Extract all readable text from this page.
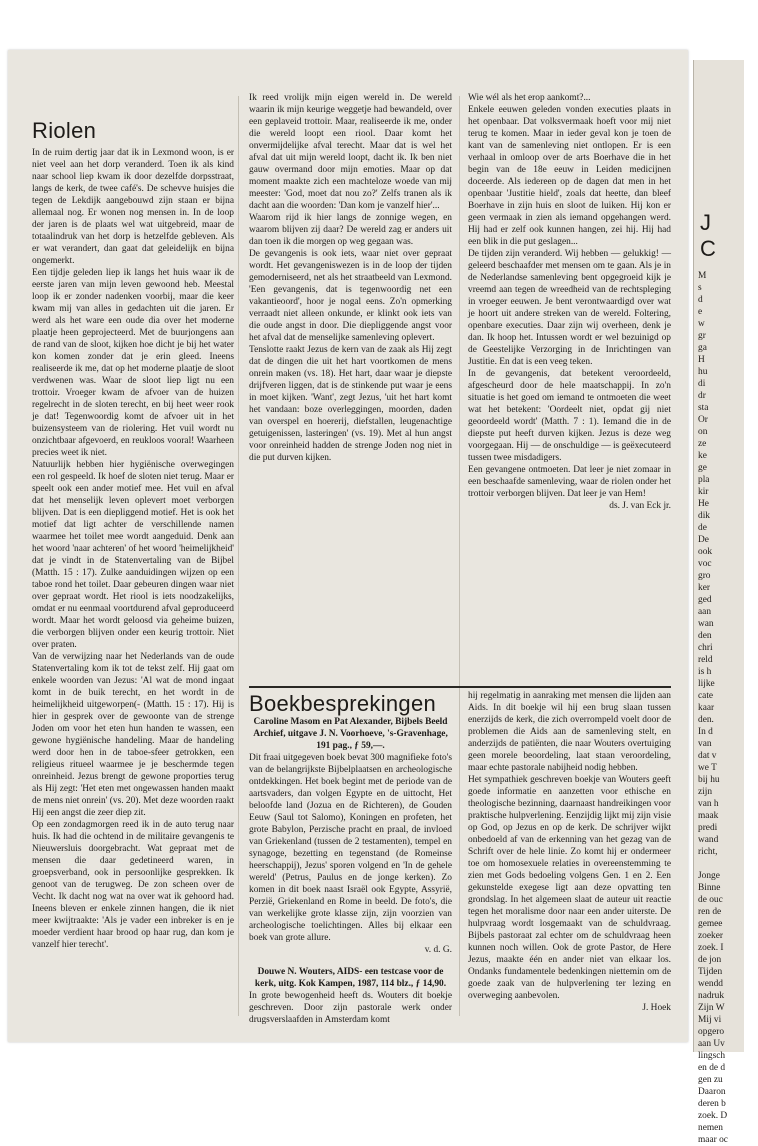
Riolen

In de ruim dertig jaar dat ik in Lexmond woon, is er niet veel aan het dorp veranderd. Toen ik als kind naar school liep kwam ik door dezelfde dorpsstraat, langs de kerk, de twee café's. De schevve huisjes die tegen de Lekdijk aangebouwd zijn staan er bijna allemaal nog. Er wonen nog mensen in. In de loop der jaren is de plaats wel wat uitgebreid, maar de totaalindruk van het dorp is hetzelfde gebleven. Als er wat verandert, dan gaat dat geleidelijk en bijna ongemerkt.

Een tijdje geleden liep ik langs het huis waar ik de eerste jaren van mijn leven gewoond heb. Meestal loop ik er zonder nadenken voorbij, maar die keer kwam mij van alles in gedachten uit die jaren. Er werd als het ware een oude dia over het moderne plaatje heen geprojecteerd. Met de buurjongens aan de rand van de sloot, kijken hoe dicht je bij het water kon komen zonder dat je erin gleed. Ineens realiseerde ik me, dat op het moderne plaatje de sloot verdwenen was. Waar de sloot liep ligt nu een trottoir. Vroeger kwam de afvoer van de huizen regelrecht in de sloten terecht, en bij heet weer rook je dat! Tegenwoordig komt de afvoer uit in het buizensysteem van de riolering. Het vuil wordt nu onzichtbaar afgevoerd, en reukloos vooral! Waarheen precies weet ik niet.

Natuurlijk hebben hier hygiënische overwegingen een rol gespeeld. Ik hoef de sloten niet terug. Maar er speelt ook een ander motief mee. Het vuil en afval dat het menselijk leven oplevert moet verborgen blijven. Dat is een diepliggend motief. Het is ook het motief dat ligt achter de verschillende namen waarmee het toilet mee wordt aangeduid. Denk aan het woord 'naar achteren' of het woord 'heimelijkheid' dat je vindt in de Statenvertaling van de Bijbel (Matth. 15 : 17). Zulke aanduidingen wijzen op een taboe rond het toilet. Daar gebeuren dingen waar niet over gepraat wordt. Het riool is iets noodzakelijks, omdat er nu eenmaal voortdurend afval geproduceerd wordt. Maar het wordt geloosd via geheime buizen, die verborgen blijven onder een keurig trottoir. Niet over praten.

Van de verwijzing naar het Nederlands van de oude Statenvertaling kom ik tot de tekst zelf. Hij gaat om enkele woorden van Jezus: 'Al wat de mond ingaat komt in de buik terecht, en het wordt in de heimelijkheid uitgeworpen(- (Matth. 15 : 17). Hij is hier in gesprek over de gewoonte van de strenge Joden om voor het eten hun handen te wassen, een gewone hygiënische handeling. Maar de handeling werd door hen in de taboe-sfeer getrokken, een religieus ritueel waarmee je je beschermde tegen onreinheid. Jezus brengt de gewone proporties terug als Hij zegt: 'Het eten met ongewassen handen maakt de mens niet onrein' (vs. 20). Met deze woorden raakt Hij een angst die zeer diep zit.

Op een zondagmorgen reed ik in de auto terug naar huis. Ik had die ochtend in de militaire gevangenis te Nieuwersluis doorgebracht. Wat gepraat met de mensen die daar gedetineerd waren, in groepsverband, ook in persoonlijke gesprekken. Ik genoot van de terugweg. De zon scheen over de Vecht. Ik dacht nog wat na over wat ik gehoord had. Ineens bleven er enkele zinnen hangen, die ik niet meer kwijtraakte: 'Als je vader een inbreker is en je moeder verdient haar brood op haar rug, dan kom je vanzelf hier terecht'.

Ik reed vrolijk mijn eigen wereld in. De wereld waarin ik mijn keurige weggetje had bewandeld, over een geplaveid trottoir. Maar, realiseerde ik me, onder die wereld loopt een riool. Daar komt het onvermijdelijke afval terecht. Maar dat is wel het afval dat uit mijn wereld loopt, dacht ik. Ik ben niet gauw overmand door mijn emoties. Maar op dat moment maakte zich een machteloze woede van mij meester: 'God, moet dat nou zo?' Zelfs tranen als ik dacht aan die woorden: 'Dan kom je vanzelf hier'...

Waarom rijd ik hier langs de zonnige wegen, en waarom blijven zij daar? De wereld zag er anders uit dan toen ik die morgen op weg gegaan was.

De gevangenis is ook iets, waar niet over gepraat wordt. Het gevangeniswezen is in de loop der tijden gemoderniseerd, net als het straatbeeld van Lexmond. 'Een gevangenis, dat is tegenwoordig net een vakantieoord', hoor je nogal eens. Zo'n opmerking verraadt niet alleen onkunde, er klinkt ook iets van die oude angst in door. Die diepliggende angst voor het afval dat de menselijke samenleving oplevert.

Tenslotte raakt Jezus de kern van de zaak als Hij zegt dat de dingen die uit het hart voortkomen de mens onrein maken (vs. 18). Het hart, daar waar je diepste drijfveren liggen, dat is de stinkende put waar je eens in moet kijken. 'Want', zegt Jezus, 'uit het hart komt het vandaan: boze overleggingen, moorden, daden van overspel en hoererij, diefstallen, leugenachtige getuigenissen, lasteringen' (vs. 19). Met al hun angst voor onreinheid hadden de strenge Joden nog niet in die put durven kijken.

Wie wél als het erop aankomt?...

Enkele eeuwen geleden vonden executies plaats in het openbaar. Dat volksvermaak hoeft voor mij niet terug te komen. Maar in ieder geval kon je toen de kant van de samenleving niet ontlopen. Er is een verhaal in omloop over de arts Boerhave die in het begin van de 18e eeuw in Leiden medicijnen doceerde. Als iedereen op de dagen dat men in het openbaar 'Justitie hield', zoals dat heette, dan bleef Boerhave in zijn huis en sloot de luiken. Hij kon er geen vermaak in zien als iemand opgehangen werd. Hij had er zelf ook kunnen hangen, zei hij. Hij had een blik in die put geslagen...

De tijden zijn veranderd. Wij hebben — gelukkig! — geleerd beschaafder met mensen om te gaan. Als je in de Nederlandse samenleving bent opgegroeid kijk je vreemd aan tegen de wreedheid van de rechtspleging in vroeger eeuwen. Je bent verontwaardigd over wat je hoort uit andere streken van de wereld. Foltering, openbare executies. Daar zijn wij overheen, denk je dan. Ik hoop het. Intussen wordt er wel bezuinigd op de Geestelijke Verzorging in de Inrichtingen van Justitie. En dat is een veeg teken.

In de gevangenis, dat betekent veroordeeld, afgescheurd door de hele maatschappij. In zo'n situatie is het goed om iemand te ontmoeten die weet wat het betekent: 'Oordeelt niet, opdat gij niet geoordeeld wordt' (Matth. 7 : 1). Iemand die in de diepste put heeft durven kijken. Jezus is deze weg voorgegaan. Hij — de onschuldige — is geëxecuteerd tussen twee misdadigers.

Een gevangene ontmoeten. Dat leer je niet zomaar in een beschaafde samenleving, waar de riolen onder het trottoir verborgen blijven. Dat leer je van Hem!

ds. J. van Eck jr.

Boekbesprekingen

Caroline Masom en Pat Alexander, Bijbels Beeld Archief, uitgave J. N. Voorhoeve, 's-Gravenhage, 191 pag., ƒ 59,—.

Dit fraai uitgegeven boek bevat 300 magnifieke foto's van de belangrijkste Bijbelplaatsen en archeologische ontdekkingen. Het boek begint met de periode van de aartsvaders, dan volgen Egypte en de uittocht, Het beloofde land (Jozua en de Richteren), de Gouden Eeuw (Saul tot Salomo), Koningen en profeten, het grote Babylon, Perzische pracht en praal, de invloed van Griekenland (tussen de 2 testamenten), tempel en synagoge, bezetting en tegenstand (de Romeinse heerschappij), Jezus' sporen volgend en 'In de gehele wereld' (Petrus, Paulus en de jonge kerken). Zo komen in dit boek naast Israël ook Egypte, Assyrië, Perzië, Griekenland en Rome in beeld. De foto's, die van werkelijke grote klasse zijn, zijn voorzien van archeologische toelichtingen. Alles bij elkaar een boek van grote allure.

v. d. G.

Douwe N. Wouters, AIDS- een testcase voor de kerk, uitg. Kok Kampen, 1987, 114 blz., ƒ 14,90.

In grote bewogenheid heeft ds. Wouters dit boekje geschreven. Door zijn pastorale werk onder drugsverslaafden in Amsterdam komt

hij regelmatig in aanraking met mensen die lijden aan Aids. In dit boekje wil hij een brug slaan tussen enerzijds de kerk, die zich overrompeld voelt door de problemen die Aids aan de samenleving stelt, en anderzijds de patiënten, die naar Wouters overtuiging geen morele beoordeling, laat staan veroordeling, maar echte pastorale nabijheid nodig hebben.

Het sympathiek geschreven boekje van Wouters geeft goede informatie en aanzetten voor ethische en theologische bezinning, daarnaast handreikingen voor praktische hulpverlening. Eenzijdig lijkt mij zijn visie op God, op Jezus en op de kerk. De schrijver wijkt onbedoeld af van de erkenning van het gezag van de Schrift over de hele linie. Zo komt hij er ondermeer toe om homosexuele relaties in overeenstemming te zien met Gods bedoeling volgens Gen. 1 en 2. Een gekunstelde exegese ligt aan deze opvatting ten grondslag. In het algemeen slaat de auteur uit reactie tegen het moralisme door naar een ander uiterste. De hulpvraag wordt losgemaakt van de schuldvraag. Bijbels pastoraat zal echter om de schuldvraag heen kunnen noch willen. Ook de grote Pastor, de Here Jezus, maakte één en ander niet van elkaar los. Ondanks fundamentele bedenkingen niettemin om de goede zaak van de hulpverlening ter lezing en overweging aanbevolen.

J. Hoek

J
C
M
s
d
e
w
gr
ga
H
hu
di
dr
sta
Or
on
ze
ke
ge
pla
kir
He
dik
de
De
ook
voc
gro
ker
ged
aan
wan
den
chri
reld
is h
lijke
cate
kaar
den.
In d
van
dat v
we T
bij hu
zijn
van h
maak
predi
wand
richt,

Jonge
Binne
de ouc
ren de
gemee
zoeker
zoek. I
de jon
Tijden
wendd
nadruk
Zijn W
Mij vi
opgero
aan Uv
lingsch
en de d
gen zu
Daaron
deren b
zoek. D
nemen
maar oc
